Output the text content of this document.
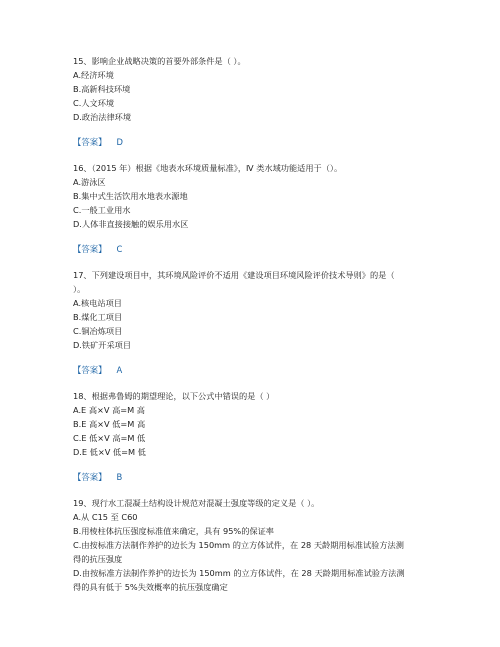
15、影响企业战略决策的首要外部条件是（ ）。
A.经济环境
B.高新科技环境
C.人文环境
D.政治法律环境
【答案】 D
16、（2015 年）根据《地表水环境质量标准》，Ⅳ 类水域功能适用于（）。
A.游泳区
B.集中式生活饮用水地表水源地
C.一般工业用水
D.人体非直接接触的娱乐用水区
【答案】 C
17、下列建设项目中，其环境风险评价不适用《建设项目环境风险评价技术导则》的是（
）。
A.核电站项目
B.煤化工项目
C.铜冶炼项目
D.铁矿开采项目
【答案】 A
18、根据弗鲁姆的期望理论，以下公式中错误的是（ ）
A.E 高×V 高=M 高
B.E 高×V 低=M 高
C.E 低×V 高=M 低
D.E 低×V 低=M 低
【答案】 B
19、现行水工混凝土结构设计规范对混凝土强度等级的定义是（ ）。
A.从 C15 至 C60
B.用棱柱体抗压强度标准值来确定，具有 95%的保证率
C.由按标准方法制作养护的边长为 150mm 的立方体试件，在 28 天龄期用标准试验方法测
得的抗压强度
D.由按标准方法制作养护的边长为 150mm 的立方体试件，在 28 天龄期用标准试验方法测
得的具有低于 5%失效概率的抗压强度确定
